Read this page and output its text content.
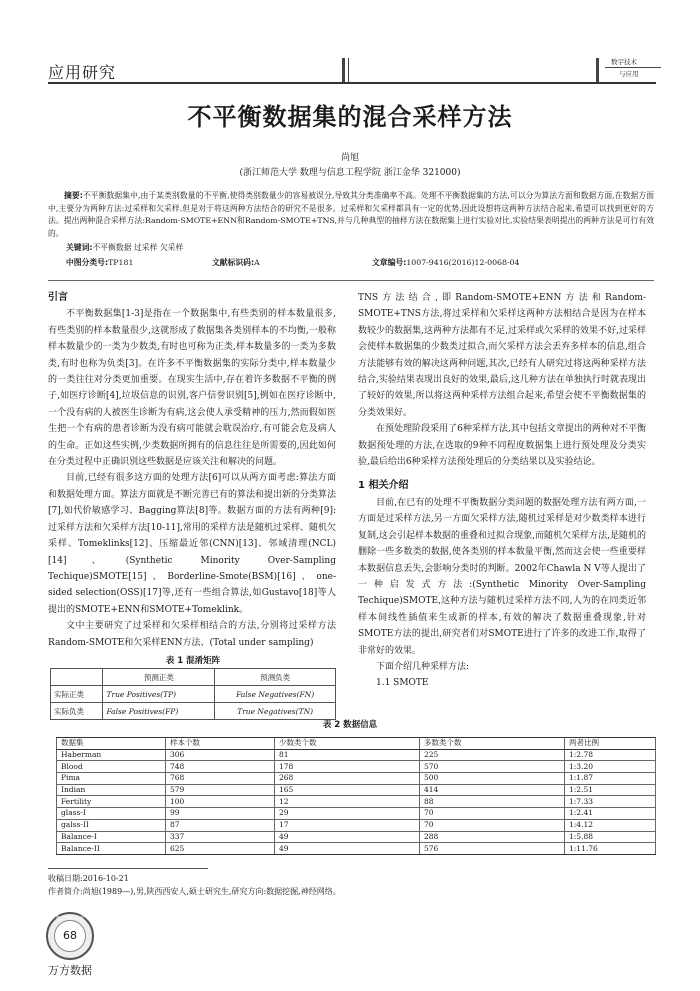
应用研究
数字技术
与应用
不平衡数据集的混合采样方法
尚旭
(浙江师范大学 数理与信息工程学院 浙江金华 321000)
摘要:不平衡数据集中,由于某类别数量的不平衡,使得类别数量少的容易被误分,导致其分类准确率不高。处理不平衡数据集的方法,可以分为算法方面和数据方面,在数据方面中,主要分为两种方法:过采样和欠采样,但是对于将这两种方法结合的研究不是很多。过采样和欠采样都具有一定的优势,因此设想将这两种方法结合起来,希望可以找到更好的方法。提出两种混合采样方法:Random-SMOTE+ENN和Random-SMOTE+TNS,并与几种典型的抽样方法在数据集上进行实验对比,实验结果表明提出的两种方法是可行有效的。
关键词:不平衡数据 过采样 欠采样
中图分类号:TP181	文献标识码:A	文章编号:1007-9416(2016)12-0068-04

引言

不平衡数据集[1-3]是指在一个数据集中,有些类别的样本数量很多,有些类别的样本数量很少,这就形成了数据集各类别样本的不均衡,一般称样本数量少的一类为少数类,有时也可称为正类,样本数量多的一类为多数类,有时也称为负类[3]。在许多不平衡数据集的实际分类中,样本数量少的一类往往对分类更加重要。在现实生活中,存在着许多数据不平衡的例子,如医疗诊断[4],垃圾信息的识别,客户信誉识别[5],例如在医疗诊断中,一个没有病的人被医生诊断为有病,这会使人承受精神的压力,然而假如医生把一个有病的患者诊断为没有病可能就会耽误治疗,有可能会危及病人的生命。正如这些实例,少类数据所拥有的信息往往是所需要的,因此如何在分类过程中正确识别这些数据是应该关注和解决的问题。

目前,已经有很多这方面的处理方法[6]可以从两方面考虑:算法方面和数据处理方面。算法方面就是不断完善已有的算法和提出新的分类算法[7],如代价敏感学习、Bagging算法[8]等。数据方面的方法有两种[9]:过采样方法和欠采样方法[10-11],常用的采样方法是随机过采样、随机欠采样、Tomeklinks[12]、压缩最近邻(CNN)[13]、邻域清理(NCL)[14]、(Synthetic Minority Over-Sampling Techique)SMOTE[15]、Borderline-Smote(BSM)[16]、one-sided selection(OSS)[17]等,还有一些组合算法,如Gustavo[18]等人提出的SMOTE+ENN和SMOTE+Tomeklink。

文中主要研究了过采样和欠采样相结合的方法,分别将过采样方法Random-SMOTE和欠采样ENN方法、(Total under sampling)

TNS方法结合,即Random-SMOTE+ENN方法和Random-SMOTE+TNS方法,将过采样和欠采样这两种方法相结合是因为在样本数较少的数据集,这两种方法都有不足,过采样或欠采样的效果不好,过采样会使样本数据集的少数类过拟合,而欠采样方法会丢弃多样本的信息,组合方法能够有效的解决这两种问题,其次,已经有人研究过将这两种采样方法结合,实验结果表现出良好的效果,最后,这几种方法在单独执行时就表现出了较好的效果,所以将这两种采样方法组合起来,希望会使不平衡数据集的分类效果好。

在预处理阶段采用了6种采样方法,其中包括文章提出的两种对不平衡数据预处理的方法,在选取的9种不同程度数据集上进行预处理及分类实验,最后给出6种采样方法预处理后的分类结果以及实验结论。

1 相关介绍

目前,在已有的处理不平衡数据分类问题的数据处理方法有两方面,一方面是过采样方法,另一方面欠采样方法,随机过采样是对少数类样本进行复制,这会引起样本数据的重叠和过拟合现象,而随机欠采样方法,是随机的删除一些多数类的数据,使各类别的样本数量平衡,然而这会使一些重要样本数据信息丢失,会影响分类时的判断。2002年Chawla N V等人提出了一种启发式方法:(Synthetic Minority Over-Sampling Techique)SMOTE,这种方法与随机过采样方法不同,人为的在同类近邻样本间线性插值来生成新的样本,有效的解决了数据重叠现象,针对SMOTE方法的提出,研究者们对SMOTE进行了许多的改进工作,取得了非常好的效果。

下面介绍几种采样方法:

1.1 SMOTE

表 1 混淆矩阵
	预测正类	预测负类
实际正类	True Positives(TP)	False Negatives(FN)
实际负类	False Positives(FP)	True Negatives(TN)
表 2 数据信息
数据集	样本个数	少数类个数	多数类个数	两者比例
Haberman	306	81	225	1:2.78
Blood	748	178	570	1:3.20
Pima	768	268	500	1:1.87
Indian	579	165	414	1:2.51
Fertility	100	12	88	1:7.33
glass-I	99	29	70	1:2.41
galss-II	87	17	70	1:4.12
Balance-I	337	49	288	1:5.88
Balance-II	625	49	576	1:11.76
收稿日期:2016-10-21
作者简介:尚旭(1989—),男,陕西西安人,硕士研究生,研究方向:数据挖掘,神经网络。
数字技术与应用
68
万方数据
